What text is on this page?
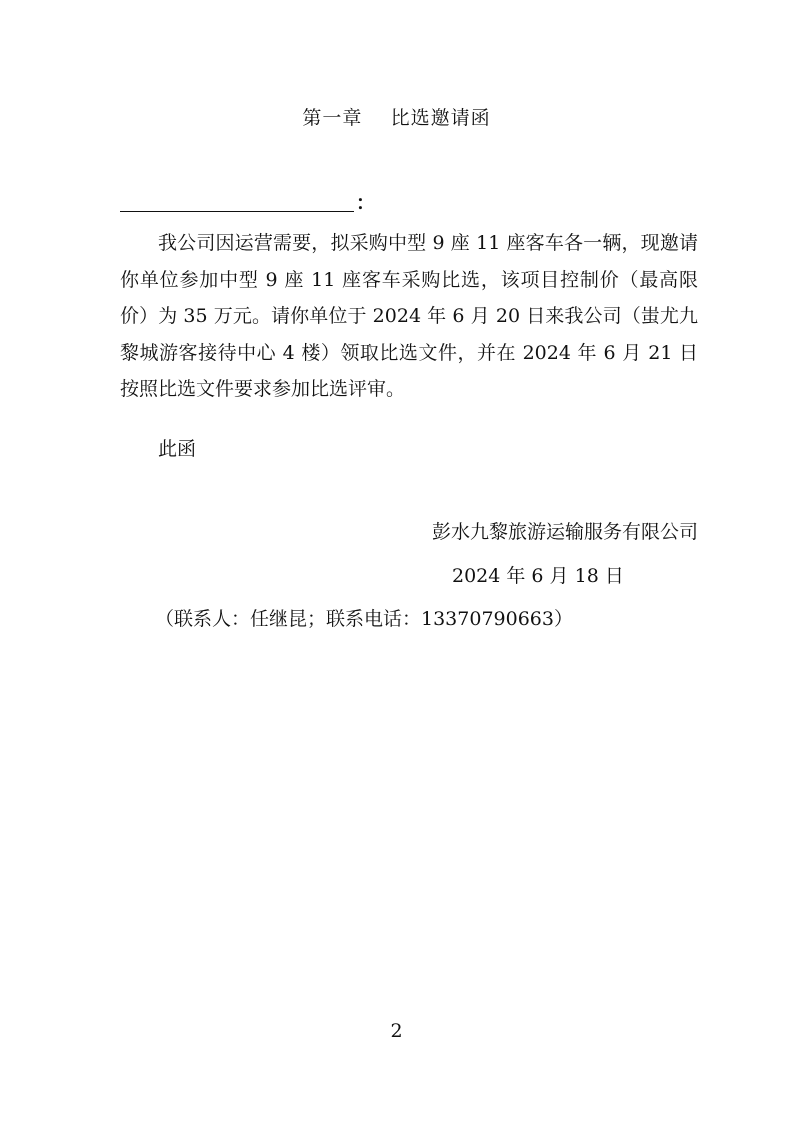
第一章    比选邀请函
：

我公司因运营需要，拟采购中型 9 座 11 座客车各一辆，现邀请你单位参加中型 9 座 11 座客车采购比选，该项目控制价（最高限价）为 35 万元。请你单位于 2024 年 6 月 20 日来我公司（蚩尤九黎城游客接待中心 4 楼）领取比选文件，并在 2024 年 6 月 21 日按照比选文件要求参加比选评审。

此函

彭水九黎旅游运输服务有限公司

2024 年 6 月 18 日

（联系人：任继昆；联系电话：13370790663）

2
